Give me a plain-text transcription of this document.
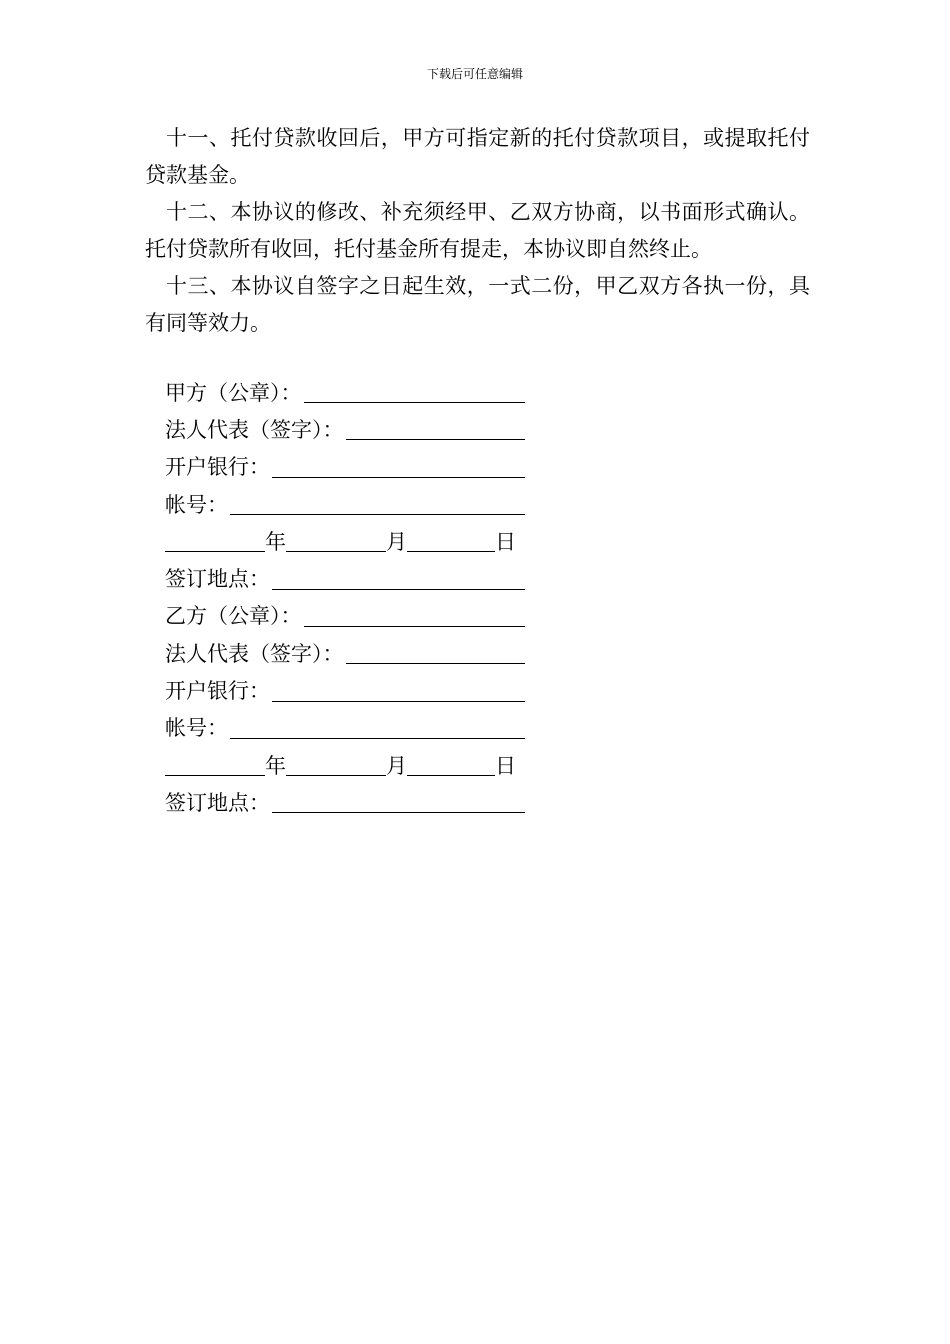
下载后可任意编辑

十一、托付贷款收回后，甲方可指定新的托付贷款项目，或提取托付贷款基金。

十二、本协议的修改、补充须经甲、乙双方协商，以书面形式确认。托付贷款所有收回，托付基金所有提走，本协议即自然终止。

十三、本协议自签字之日起生效，一式二份，甲乙双方各执一份，具有同等效力。

甲方（公章）：
法人代表（签字）：
开户银行：
帐号：
年	月	日
签订地点：
乙方（公章）：
法人代表（签字）：
开户银行：
帐号：
年	月	日
签订地点：
